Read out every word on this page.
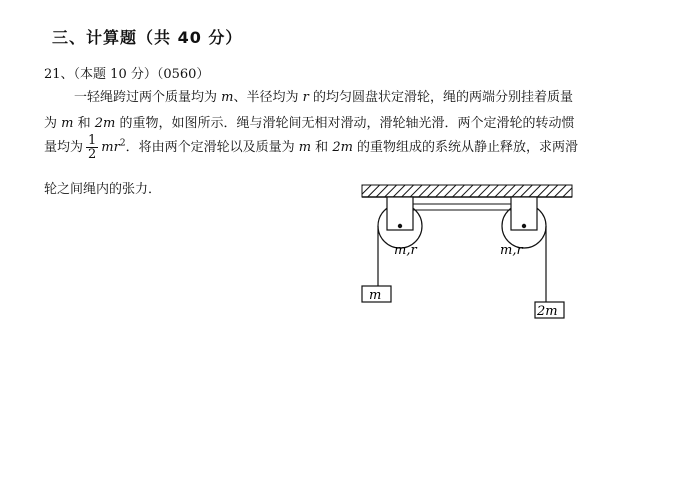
三、计算题（共 40 分）
21、（本题 10 分）（0560）
一轻绳跨过两个质量均为 m、半径均为 r 的均匀圆盘状定滑轮，绳的两端分别挂着质量
为 m 和 2m 的重物，如图所示．绳与滑轮间无相对滑动，滑轮轴光滑．两个定滑轮的转动惯
量均为 $\frac{1}{2} mr^2$．将由两个定滑轮以及质量为 m 和 2m 的重物组成的系统从静止释放，求两滑
轮之间绳内的张力．
m,r	m,r
m
2m
